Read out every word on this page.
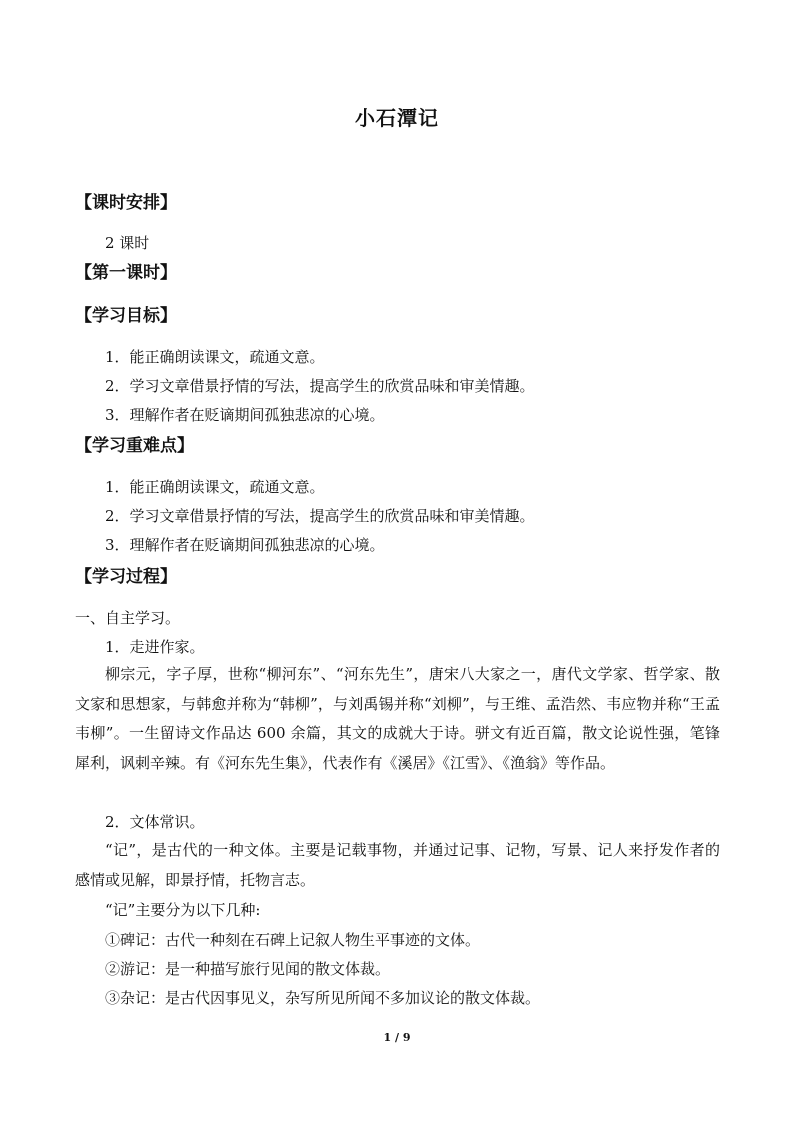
小石潭记
【课时安排】
2 课时
【第一课时】
【学习目标】
1．能正确朗读课文，疏通文意。
2．学习文章借景抒情的写法，提高学生的欣赏品味和审美情趣。
3．理解作者在贬谪期间孤独悲凉的心境。
【学习重难点】
1．能正确朗读课文，疏通文意。
2．学习文章借景抒情的写法，提高学生的欣赏品味和审美情趣。
3．理解作者在贬谪期间孤独悲凉的心境。
【学习过程】
一、自主学习。
1．走进作家。
柳宗元，字子厚，世称“柳河东”、“河东先生”，唐宋八大家之一，唐代文学家、哲学家、散文家和思想家，与韩愈并称为“韩柳”，与刘禹锡并称“刘柳”，与王维、孟浩然、韦应物并称“王孟韦柳”。一生留诗文作品达 600 余篇，其文的成就大于诗。骈文有近百篇，散文论说性强，笔锋犀利，讽刺辛辣。有《河东先生集》，代表作有《溪居》《江雪》、《渔翁》等作品。
2．文体常识。
“记”，是古代的一种文体。主要是记载事物，并通过记事、记物，写景、记人来抒发作者的感情或见解，即景抒情，托物言志。
“记”主要分为以下几种:
①碑记：古代一种刻在石碑上记叙人物生平事迹的文体。
②游记：是一种描写旅行见闻的散文体裁。
③杂记：是古代因事见义，杂写所见所闻不多加议论的散文体裁。
1 / 9
